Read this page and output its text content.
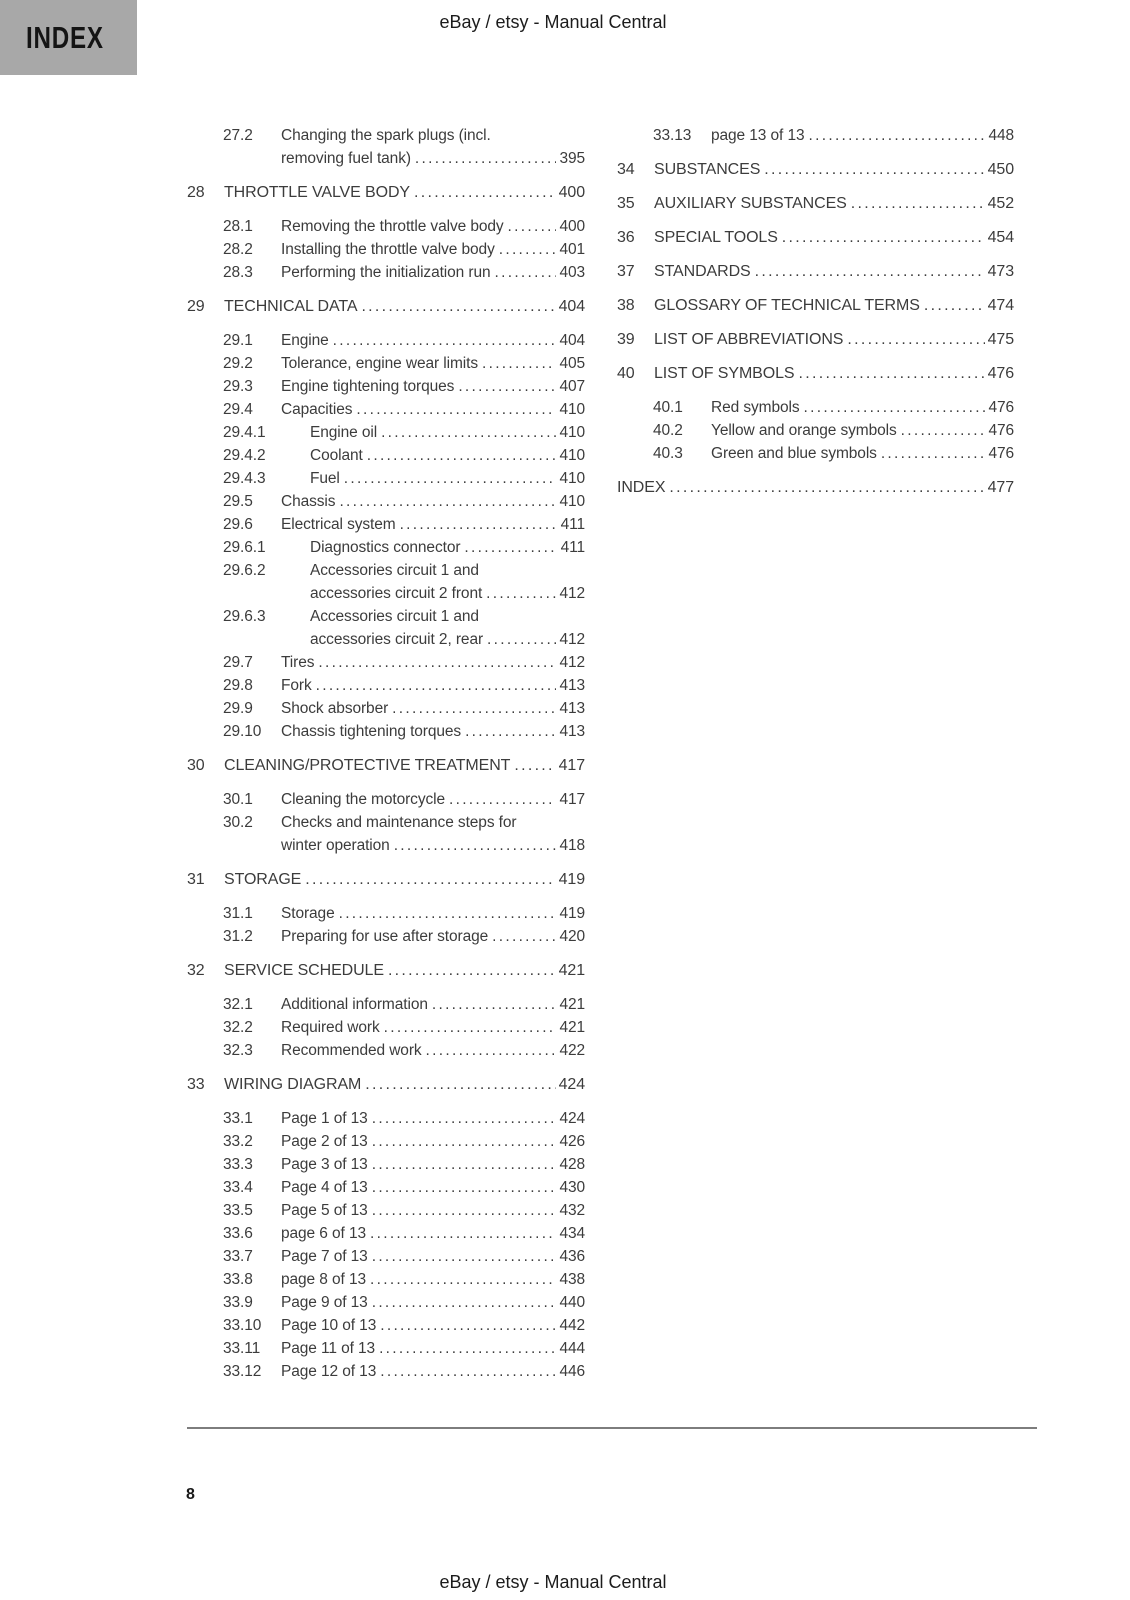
INDEX	eBay / etsy - Manual Central
27.2	Changing the spark plugs (incl.
removing fuel tank) .....	395
28	THROTTLE VALVE BODY .....	400
28.1	Removing the throttle valve body .....	400
28.2	Installing the throttle valve body .....	401
28.3	Performing the initialization run .....	403
29	TECHNICAL DATA .....	404
29.1	Engine .....	404
29.2	Tolerance, engine wear limits .....	405
29.3	Engine tightening torques .....	407
29.4	Capacities .....	410
29.4.1	Engine oil .....	410
29.4.2	Coolant .....	410
29.4.3	Fuel .....	410
29.5	Chassis .....	410
29.6	Electrical system .....	411
29.6.1	Diagnostics connector .....	411
29.6.2	Accessories circuit 1 and
accessories circuit 2 front .....	412
29.6.3	Accessories circuit 1 and
accessories circuit 2, rear .....	412
29.7	Tires .....	412
29.8	Fork .....	413
29.9	Shock absorber .....	413
29.10	Chassis tightening torques .....	413
30	CLEANING/PROTECTIVE TREATMENT .....	417
30.1	Cleaning the motorcycle .....	417
30.2	Checks and maintenance steps for
winter operation .....	418
31	STORAGE .....	419
31.1	Storage .....	419
31.2	Preparing for use after storage .....	420
32	SERVICE SCHEDULE .....	421
32.1	Additional information .....	421
32.2	Required work .....	421
32.3	Recommended work .....	422
33	WIRING DIAGRAM .....	424
33.1	Page 1 of 13 .....	424
33.2	Page 2 of 13 .....	426
33.3	Page 3 of 13 .....	428
33.4	Page 4 of 13 .....	430
33.5	Page 5 of 13 .....	432
33.6	page 6 of 13 .....	434
33.7	Page 7 of 13 .....	436
33.8	page 8 of 13 .....	438
33.9	Page 9 of 13 .....	440
33.10	Page 10 of 13 .....	442
33.11	Page 11 of 13 .....	444
33.12	Page 12 of 13 .....	446
33.13	page 13 of 13 .....	448
34	SUBSTANCES .....	450
35	AUXILIARY SUBSTANCES .....	452
36	SPECIAL TOOLS .....	454
37	STANDARDS .....	473
38	GLOSSARY OF TECHNICAL TERMS .....	474
39	LIST OF ABBREVIATIONS .....	475
40	LIST OF SYMBOLS .....	476
40.1	Red symbols .....	476
40.2	Yellow and orange symbols .....	476
40.3	Green and blue symbols .....	476
INDEX .....	477
8
eBay / etsy - Manual Central
